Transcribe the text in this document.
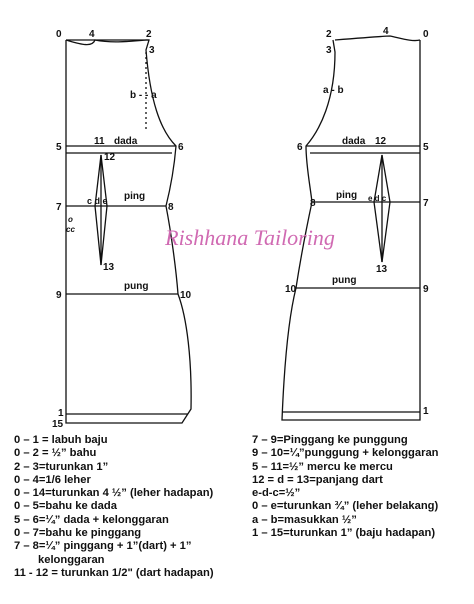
0	4	2
3
b - - a
11 dada
5	6
12
7
c d e ping
8
o
cc
13
pung
9	10
1
15
2	4	0
3
a - b
dada 12
6	5
ping e d c
8	7
13
pung
10	9
1
Rishhana Tailoring
0 – 1 = labuh baju
0 – 2 = ½” bahu
2 – 3=turunkan 1”
0 – 4=1/6 leher
0 – 14=turunkan 4 ½” (leher hadapan)
0 – 5=bahu ke dada
5 – 6=¼” dada + kelonggaran
0 – 7=bahu ke pinggang
7 – 8=¼” pinggang + 1”(dart) + 1”
kelonggaran
11 - 12 = turunkan 1/2" (dart hadapan)
7 – 9=Pinggang ke punggung
9 – 10=¼”punggung + kelonggaran
5 – 11=½” mercu ke mercu
12 = d = 13=panjang dart
e-d-c=½”
0 – e=turunkan ¾” (leher belakang)
a – b=masukkan ½”
1 – 15=turunkan 1” (baju hadapan)
